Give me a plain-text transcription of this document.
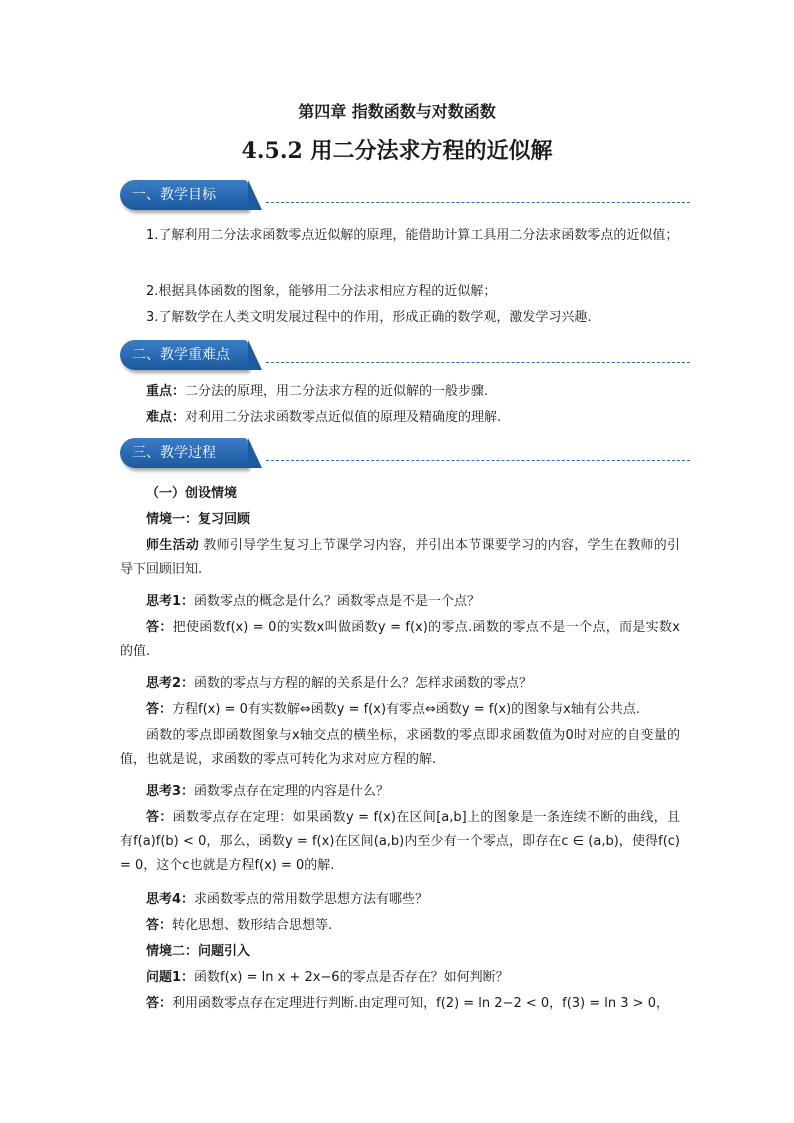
第四章 指数函数与对数函数
4.5.2 用二分法求方程的近似解
一、教学目标

1.了解利用二分法求函数零点近似解的原理，能借助计算工具用二分法求函数零点的近似值；

2.根据具体函数的图象，能够用二分法求相应方程的近似解；

3.了解数学在人类文明发展过程中的作用，形成正确的数学观，激发学习兴趣.

二、教学重难点

重点：二分法的原理，用二分法求方程的近似解的一般步骤.

难点：对利用二分法求函数零点近似值的原理及精确度的理解.

三、教学过程

（一）创设情境

情境一：复习回顾

师生活动 教师引导学生复习上节课学习内容，并引出本节课要学习的内容，学生在教师的引导下回顾旧知.

思考1：函数零点的概念是什么？函数零点是不是一个点？

答：把使函数f(x) = 0的实数x叫做函数y = f(x)的零点.函数的零点不是一个点，而是实数x的值.

思考2：函数的零点与方程的解的关系是什么？怎样求函数的零点？

答：方程f(x) = 0有实数解⇔函数y = f(x)有零点⇔函数y = f(x)的图象与x轴有公共点.

函数的零点即函数图象与x轴交点的横坐标，求函数的零点即求函数值为0时对应的自变量的值，也就是说，求函数的零点可转化为求对应方程的解.

思考3：函数零点存在定理的内容是什么？

答：函数零点存在定理：如果函数y = f(x)在区间[a,b]上的图象是一条连续不断的曲线，且有f(a)f(b) < 0，那么，函数y = f(x)在区间(a,b)内至少有一个零点，即存在c ∈ (a,b)，使得f(c) = 0，这个c也就是方程f(x) = 0的解.

思考4：求函数零点的常用数学思想方法有哪些？

答：转化思想、数形结合思想等.

情境二：问题引入

问题1：函数f(x) = ln x + 2x−6的零点是否存在？如何判断？

答：利用函数零点存在定理进行判断.由定理可知，f(2) = ln 2−2 < 0，f(3) = ln 3 > 0，
